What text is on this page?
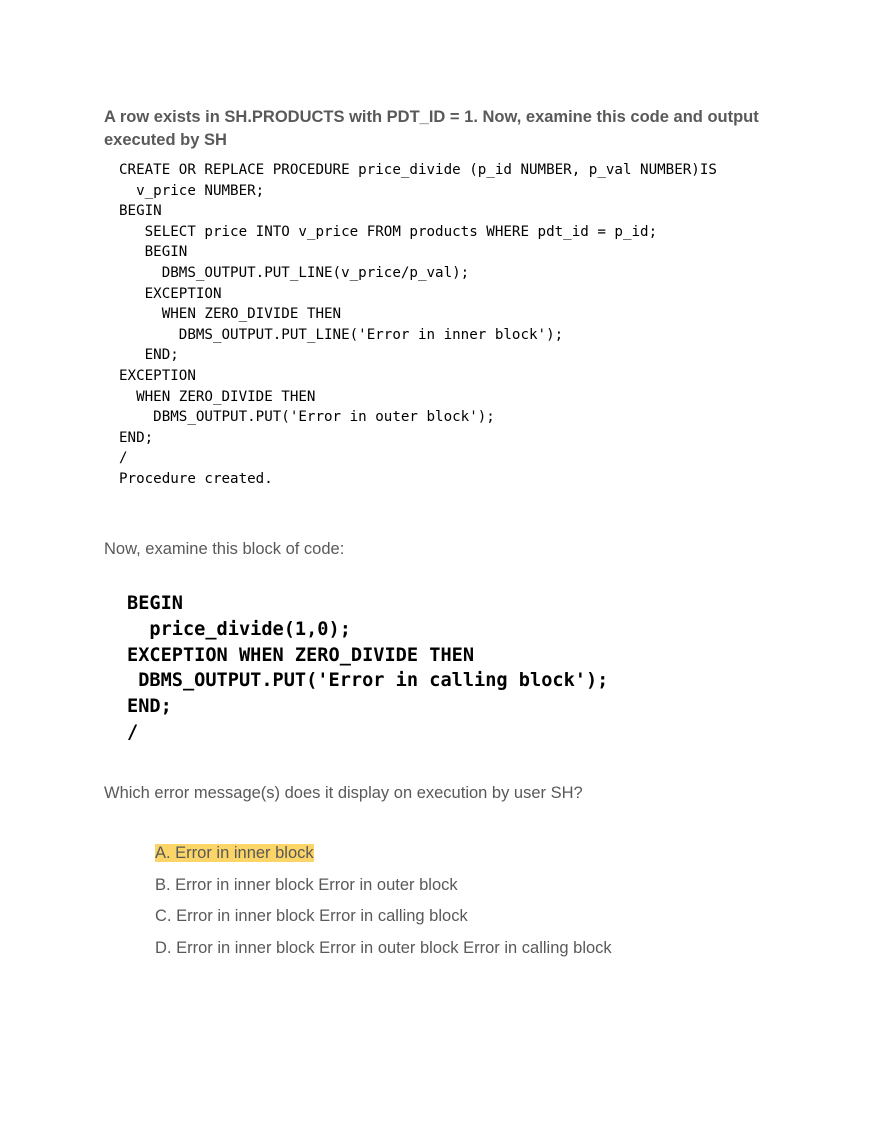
A row exists in SH.PRODUCTS with PDT_ID = 1. Now, examine this code and output executed by SH
CREATE OR REPLACE PROCEDURE price_divide (p_id NUMBER, p_val NUMBER)IS
v_price NUMBER;
BEGIN
SELECT price INTO v_price FROM products WHERE pdt_id = p_id;
BEGIN
DBMS_OUTPUT.PUT_LINE(v_price/p_val);
EXCEPTION
WHEN ZERO_DIVIDE THEN
DBMS_OUTPUT.PUT_LINE('Error in inner block');
END;
EXCEPTION
WHEN ZERO_DIVIDE THEN
DBMS_OUTPUT.PUT('Error in outer block');
END;
/
Procedure created.
Now, examine this block of code:
BEGIN
price_divide(1,0);
EXCEPTION WHEN ZERO_DIVIDE THEN
DBMS_OUTPUT.PUT('Error in calling block');
END;
/
Which error message(s) does it display on execution by user SH?
A. Error in inner block
B. Error in inner block Error in outer block
C. Error in inner block Error in calling block
D. Error in inner block Error in outer block Error in calling block
